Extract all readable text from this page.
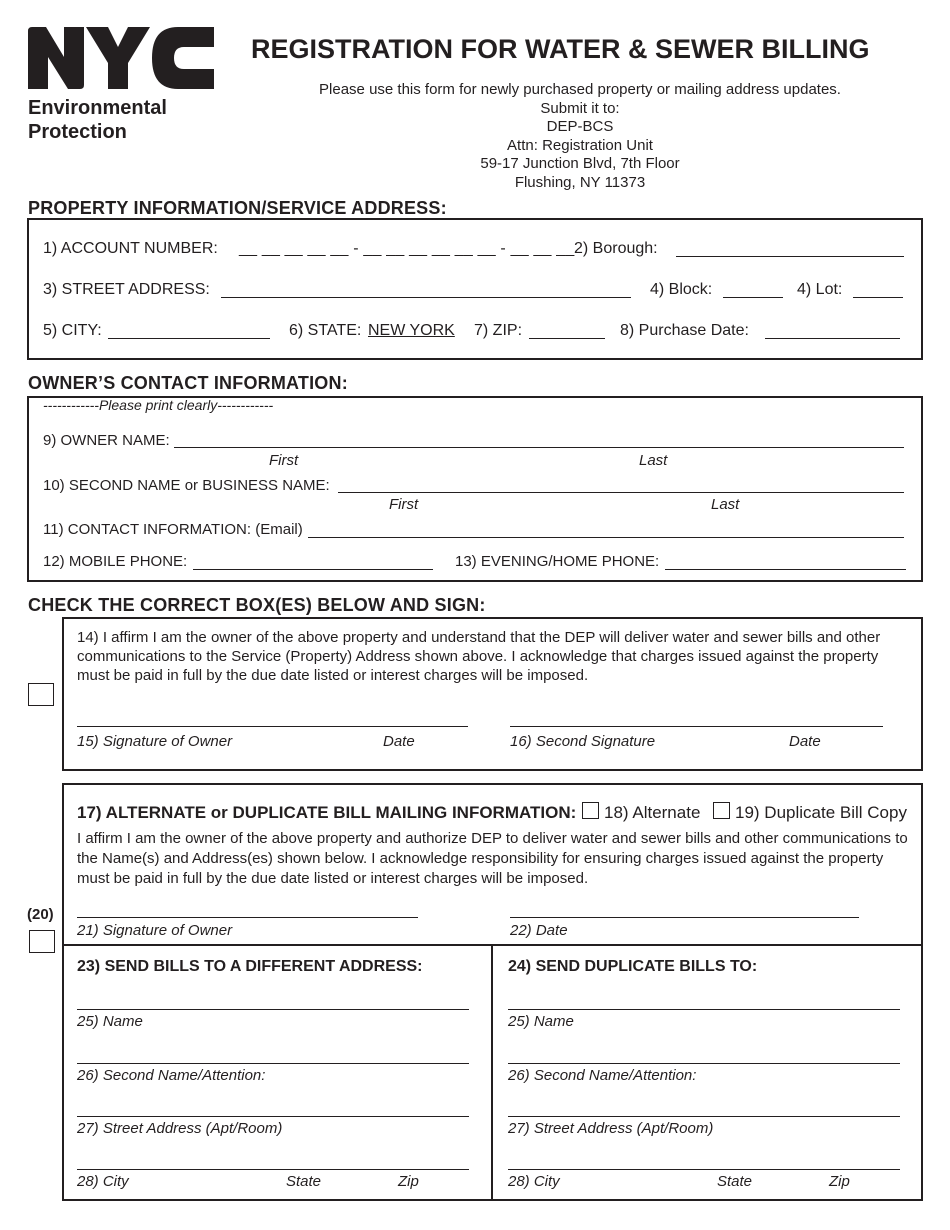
Environmental
Protection
REGISTRATION FOR WATER & SEWER BILLING
Please use this form for newly purchased property or mailing address updates.
Submit it to:
DEP-BCS
Attn: Registration Unit
59-17 Junction Blvd, 7th Floor
Flushing, NY 11373
PROPERTY INFORMATION/SERVICE ADDRESS:
1) ACCOUNT NUMBER: __ __ __ __ __ - __ __ __ __ __ __ - __ __ __ 2) Borough:
3) STREET ADDRESS:	4) Block:	4) Lot:
5) CITY:	6) STATE: NEW YORK 7) ZIP:	8) Purchase Date:
OWNER’S CONTACT INFORMATION:
------------Please print clearly------------
9) OWNER NAME:
First	Last
10) SECOND NAME or BUSINESS NAME:
First	Last
11) CONTACT INFORMATION: (Email)
12) MOBILE PHONE:	13) EVENING/HOME PHONE:
CHECK THE CORRECT BOX(ES) BELOW AND SIGN:
14) I affirm I am the owner of the above property and understand that the DEP will deliver water and sewer bills and other communications to the Service (Property) Address shown above. I acknowledge that charges issued against the property must be paid in full by the due date listed or interest charges will be imposed.
15) Signature of Owner	Date	16) Second Signature	Date
(20)
17) ALTERNATE or DUPLICATE BILL MAILING INFORMATION: 18) Alternate 19) Duplicate Bill Copy
I affirm I am the owner of the above property and authorize DEP to deliver water and sewer bills and other communications to the Name(s) and Address(es) shown below. I acknowledge responsibility for ensuring charges issued against the property must be paid in full by the due date listed or interest charges will be imposed.
21) Signature of Owner	22) Date
23) SEND BILLS TO A DIFFERENT ADDRESS:
25) Name
26) Second Name/Attention:
27) Street Address (Apt/Room)
28) City	State	Zip
24) SEND DUPLICATE BILLS TO:
25) Name
26) Second Name/Attention:
27) Street Address (Apt/Room)
28) City	State	Zip
